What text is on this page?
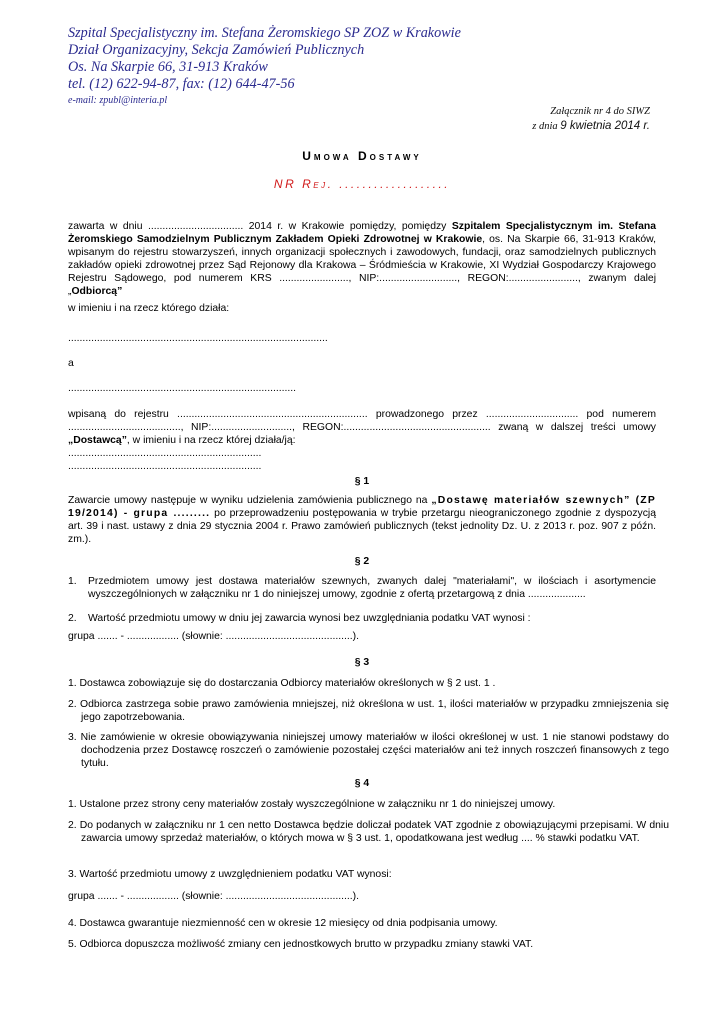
Szpital Specjalistyczny im. Stefana Żeromskiego SP ZOZ w Krakowie
Dział Organizacyjny, Sekcja Zamówień Publicznych
Os. Na Skarpie 66, 31-913 Kraków
tel. (12) 622-94-87, fax: (12) 644-47-56
e-mail: zpubl@interia.pl
Załącznik nr 4 do SIWZ
z dnia 9 kwietnia 2014 r.
Umowa Dostawy
NR Rej. ...................
zawarta w dniu ................................. 2014 r. w Krakowie pomiędzy, pomiędzy Szpitalem Specjalistycznym im. Stefana Żeromskiego Samodzielnym Publicznym Zakładem Opieki Zdrowotnej w Krakowie, os. Na Skarpie 66, 31-913 Kraków, wpisanym do rejestru stowarzyszeń, innych organizacji społecznych i zawodowych, fundacji, oraz samodzielnych publicznych zakładów opieki zdrowotnej przez Sąd Rejonowy dla Krakowa – Śródmieścia w Krakowie, XI Wydział Gospodarczy Krajowego Rejestru Sądowego, pod numerem KRS ........................, NIP:..........................., REGON:........................, zwanym dalej „Odbiorcą”
w imieniu i na rzecz którego działa:
..........................................................................................
a
...............................................................................
wpisaną do rejestru .................................................................. prowadzonego przez ................................ pod numerem ......................................., NIP:............................, REGON:................................................... zwaną w dalszej treści umowy „Dostawcą”, w imieniu i na rzecz której działa/ją:
...................................................................
...................................................................
§ 1
Zawarcie umowy następuje w wyniku udzielenia zamówienia publicznego na „Dostawę materiałów szewnych” (ZP 19/2014) - grupa ......... po przeprowadzeniu postępowania w trybie przetargu nieograniczonego zgodnie z dyspozycją art. 39 i nast. ustawy z dnia 29 stycznia 2004 r. Prawo zamówień publicznych (tekst jednolity Dz. U. z 2013 r. poz. 907 z późn. zm.).
§ 2
1.	Przedmiotem umowy jest dostawa materiałów szewnych, zwanych dalej "materiałami", w ilościach i asortymencie wyszczególnionych w załączniku nr 1 do niniejszej umowy, zgodnie z ofertą przetargową z dnia ....................
2.	Wartość przedmiotu umowy w dniu jej zawarcia wynosi bez uwzględniania podatku VAT wynosi :
grupa ....... - .................. (słownie: ............................................).
§ 3
1. Dostawca zobowiązuje się do dostarczania Odbiorcy materiałów określonych w § 2 ust. 1 .
2. Odbiorca zastrzega sobie prawo zamówienia mniejszej, niż określona w ust. 1, ilości materiałów w przypadku zmniejszenia się jego zapotrzebowania.
3. Nie zamówienie w okresie obowiązywania niniejszej umowy materiałów w ilości określonej w ust. 1 nie stanowi podstawy do dochodzenia przez Dostawcę roszczeń o zamówienie pozostałej części materiałów ani też innych roszczeń finansowych z tego tytułu.
§ 4
1. Ustalone przez strony ceny materiałów zostały wyszczególnione w załączniku nr 1 do niniejszej umowy.
2. Do podanych w załączniku nr 1 cen netto Dostawca będzie doliczał podatek VAT zgodnie z obowiązującymi przepisami. W dniu zawarcia umowy sprzedaż materiałów, o których mowa w § 3 ust. 1, opodatkowana jest według .... % stawki podatku VAT.
3. Wartość przedmiotu umowy z uwzględnieniem podatku VAT wynosi:
grupa ....... - .................. (słownie: ............................................).
4. Dostawca gwarantuje niezmienność cen w okresie 12 miesięcy od dnia podpisania umowy.
5. Odbiorca dopuszcza możliwość zmiany cen jednostkowych brutto w przypadku zmiany stawki VAT.
